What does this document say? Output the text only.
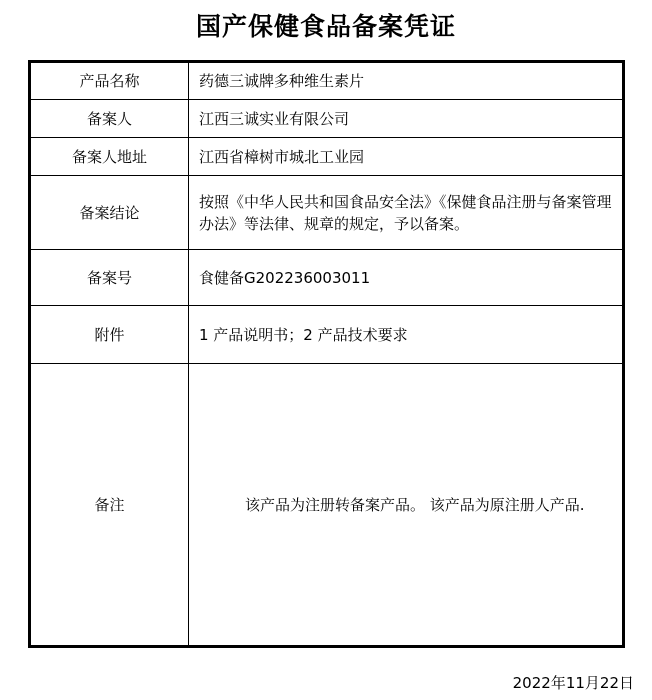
国产保健食品备案凭证
产品名称	药德三诚牌多种维生素片
备案人	江西三诚实业有限公司
备案人地址	江西省樟树市城北工业园
备案结论	按照《中华人民共和国食品安全法》《保健食品注册与备案管理办法》等法律、规章的规定，予以备案。
备案号	食健备G202236003011
附件	1 产品说明书；2 产品技术要求
备注	该产品为注册转备案产品。 该产品为原注册人产品.
2022年11月22日
